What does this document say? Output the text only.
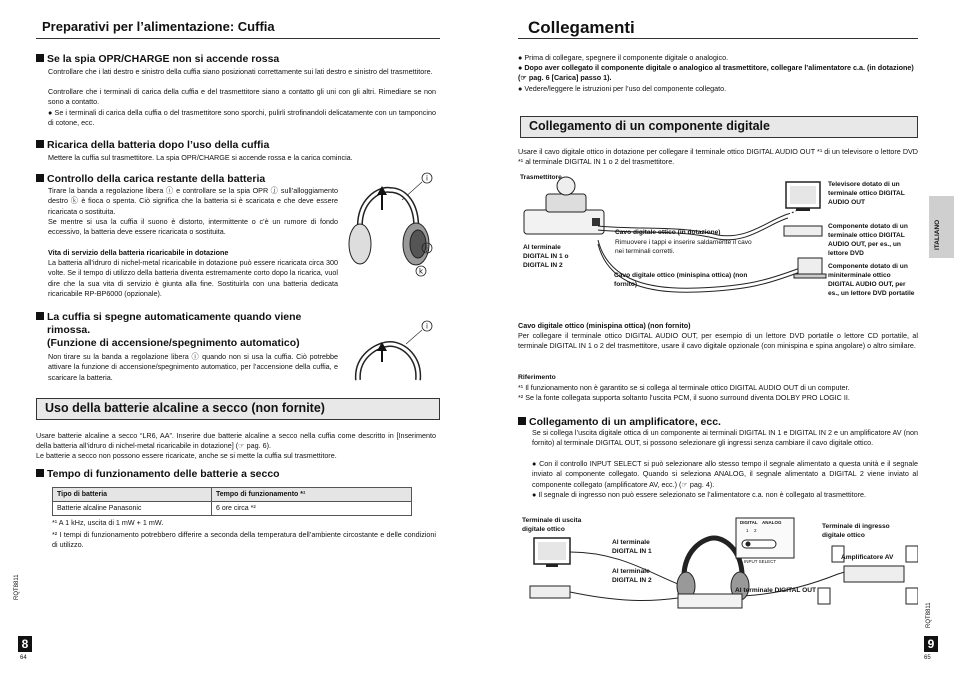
Preparativi per l’alimentazione: Cuffia
Se la spia OPR/CHARGE non si accende rossa
Controllare che i lati destro e sinistro della cuffia siano posizionati correttamente sui lati destro e sinistro del trasmettitore.
Controllare che i terminali di carica della cuffia e del trasmettitore siano a contatto gli uni con gli altri. Rimediare se non sono a contatto.
● Se i terminali di carica della cuffia o del trasmettitore sono sporchi, pulirli strofinandoli delicatamente con un tamponcino di cotone, ecc.
Ricarica della batteria dopo l’uso della cuffia
Mettere la cuffia sul trasmettitore. La spia OPR/CHARGE si accende rossa e la carica comincia.
Controllo della carica restante della batteria
Tirare la banda a regolazione libera ⓘ e controllare se la spia OPR ⓙ sull’alloggiamento destro ⓚ è fioca o spenta. Ciò significa che la batteria si è scaricata e che deve essere ricaricata o sostituita.
Se mentre si usa la cuffia il suono è distorto, intermittente o c’è un rumore di fondo eccessivo, la batteria deve essere ricaricata o sostituita.
Vita di servizio della batteria ricaricabile in dotazione
La batteria all’idruro di nichel-metal ricaricabile in dotazione può essere ricaricata circa 300 volte. Se il tempo di utilizzo della batteria diventa estremamente corto dopo la ricarica, vuol dire che la sua vita di servizio è giunta alla fine. Sostituirla con una batteria dedicata ricaricabile RP-BP6000 (opzionale).
i
j
k
La cuffia si spegne automaticamente quando viene
rimossa.
(Funzione di accensione/spegnimento automatico)
Non tirare su la banda a regolazione libera ⓘ quando non si usa la cuffia. Ciò potrebbe attivare la funzione di accensione/spegnimento automatico, per l’accensione della cuffia, e scaricare la batteria.
i
Uso della batterie alcaline a secco (non fornite)
Usare batterie alcaline a secco “LR6, AA”. Inserire due batterie alcaline a secco nella cuffia come descritto in [Inserimento della batteria all’idruro di nichel-metal ricaricabile in dotazione] (☞ pag. 6).
Le batterie a secco non possono essere ricaricate, anche se si mette la cuffia sul trasmettitore.
Tempo di funzionamento delle batterie a secco
Tipo di batteria	Tempo di funzionamento *¹
Batterie alcaline Panasonic	6 ore circa *²
*¹ A 1 kHz, uscita di 1 mW + 1 mW.
*² I tempi di funzionamento potrebbero differire a seconda della temperatura dell’ambiente circostante e delle condizioni di utilizzo.
RQT8811
8
64
Collegamenti
● Prima di collegare, spegnere il componente digitale o analogico.
● Dopo aver collegato il componente digitale o analogico al trasmettitore, collegare l’alimentatore c.a. (in dotazione) (☞ pag. 6 [Carica] passo 1).
● Vedere/leggere le istruzioni per l’uso del componente collegato.
Collegamento di un componente digitale
Usare il cavo digitale ottico in dotazione per collegare il terminale ottico DIGITAL AUDIO OUT *¹ di un televisore o lettore DVD *¹ al terminale DIGITAL IN 1 o 2 del trasmettitore.
Trasmettitore
Al terminale DIGITAL IN 1 o DIGITAL IN 2
Cavo digitale ottico (in dotazione)
Rimuovere i tappi e inserire saldamente il cavo nei terminali corretti.
Cavo digitale ottico (minispina ottica) (non fornito)
Televisore dotato di un terminale ottico DIGITAL AUDIO OUT
Componente dotato di un terminale ottico DIGITAL AUDIO OUT, per es., un lettore DVD
Componente dotato di un miniterminale ottico DIGITAL AUDIO OUT, per es., un lettore DVD portatile
Cavo digitale ottico (minispina ottica) (non fornito)
Per collegare il terminale ottico DIGITAL AUDIO OUT, per esempio di un lettore DVD portatile o lettore CD portatile, al terminale DIGITAL IN 1 o 2 del trasmettitore, usare il cavo digitale opzionale (con minispina e spina angolare) o altro similare.
Riferimento
*¹ Il funzionamento non è garantito se si collega al terminale ottico DIGITAL AUDIO OUT di un computer.
*² Se la fonte collegata supporta soltanto l’uscita PCM, il suono surround diventa DOLBY PRO LOGIC II.
Collegamento di un amplificatore, ecc.
Se si collega l’uscita digitale ottica di un componente ai terminali DIGITAL IN 1 e DIGITAL IN 2 e un amplificatore AV (non fornito) al terminale DIGITAL OUT, si possono selezionare gli ingressi senza cambiare il cavo digitale ottico.
● Con il controllo INPUT SELECT si può selezionare allo stesso tempo il segnale alimentato a questa unità e il segnale inviato al componente collegato. Quando si seleziona ANALOG, il segnale alimentato a DIGITAL 2 viene inviato al componente collegato (amplificatore AV, ecc.) (☞ pag. 4).
● Il segnale di ingresso non può essere selezionato se l’alimentatore c.a. non è collegato al trasmettitore.
Terminale di uscita digitale ottico
Al terminale DIGITAL IN 1
Al terminale DIGITAL IN 2
Al terminale DIGITAL OUT
Terminale di ingresso digitale ottico
Amplificatore AV
DIGITAL ANALOG
1 2
INPUT SELECT
ITALIANO
RQT8811
9
65
